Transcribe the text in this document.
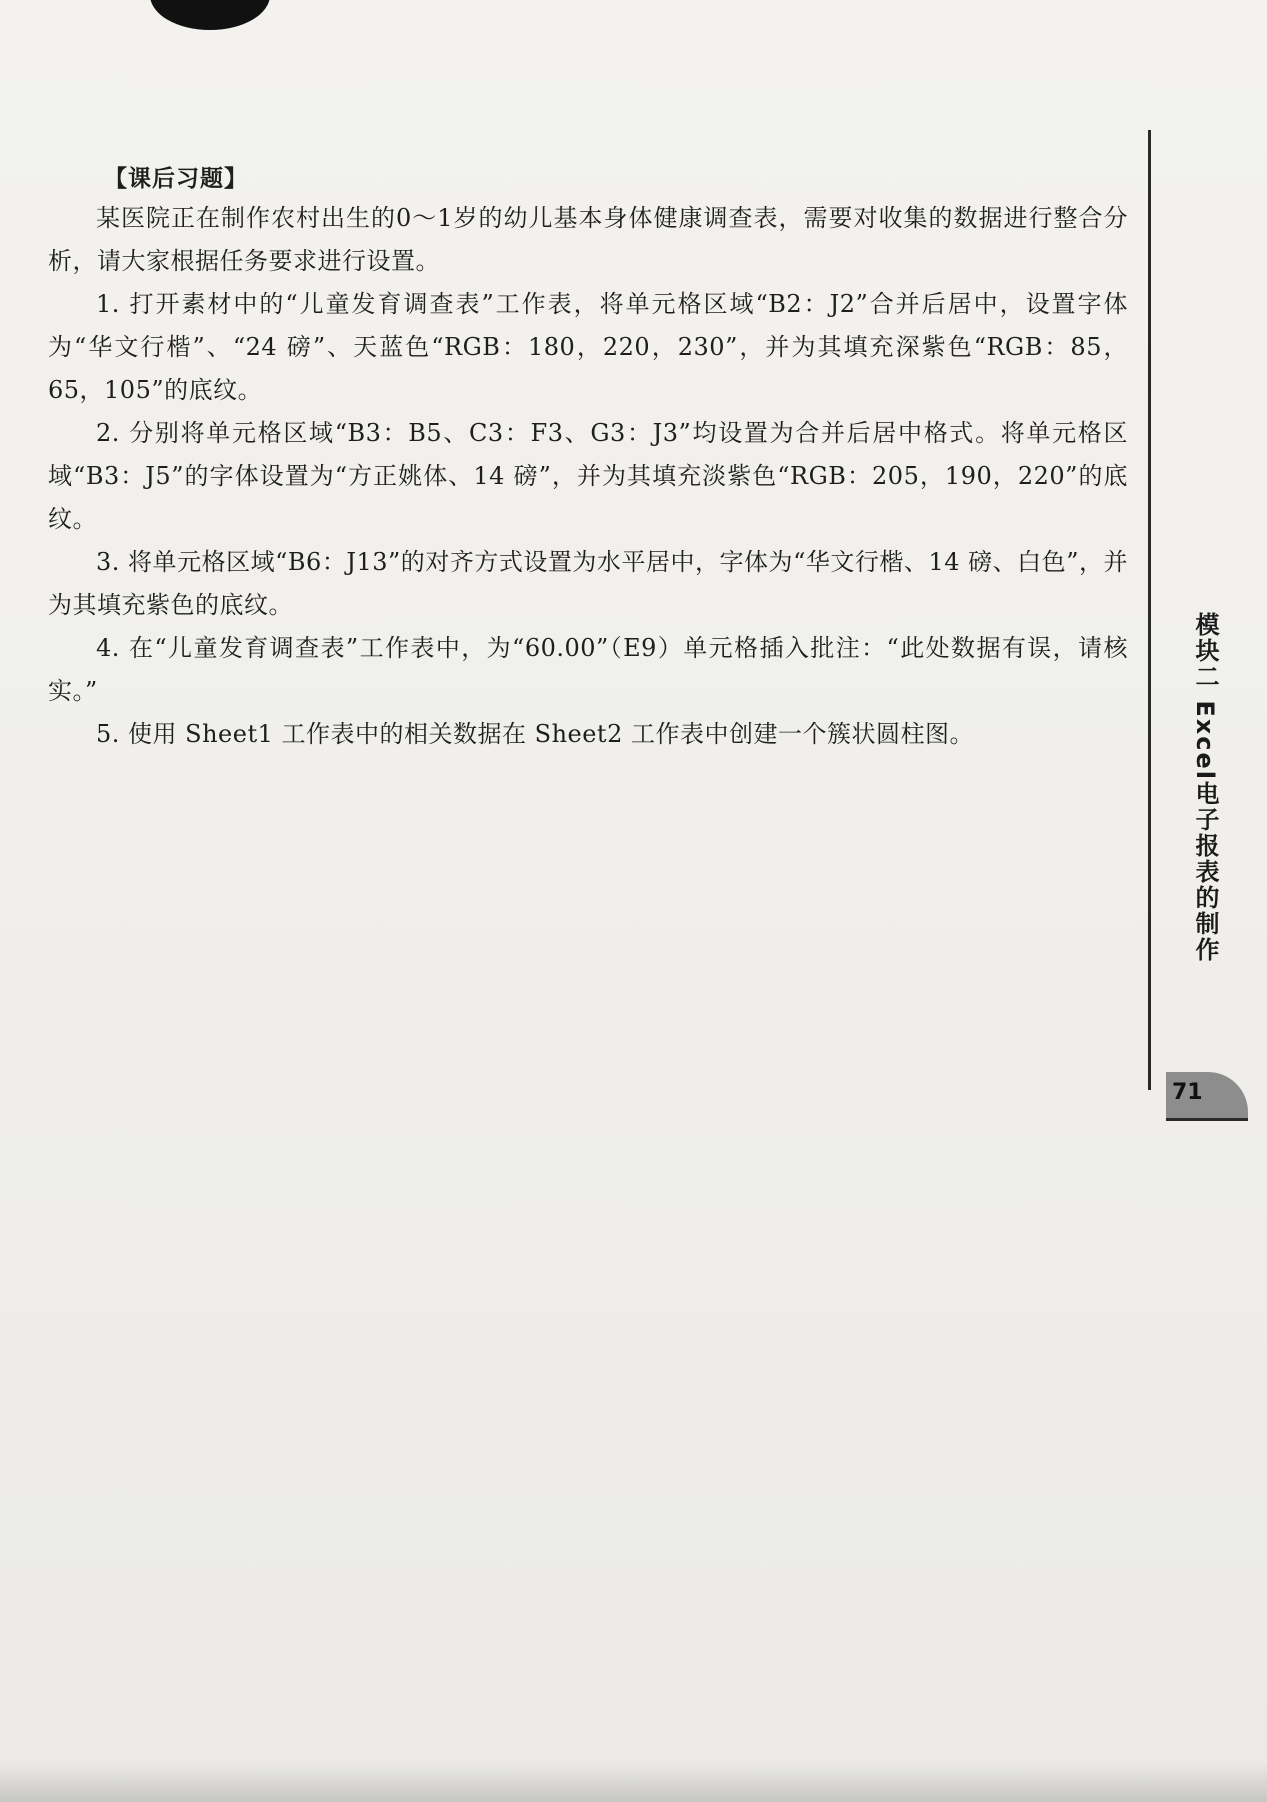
【课后习题】

某医院正在制作农村出生的0～1岁的幼儿基本身体健康调查表，需要对收集的数据进行整合分析，请大家根据任务要求进行设置。

1. 打开素材中的“儿童发育调查表”工作表，将单元格区域“B2：J2”合并后居中，设置字体为“华文行楷”、“24 磅”、天蓝色“RGB：180，220，230”，并为其填充深紫色“RGB：85，65，105”的底纹。

2. 分别将单元格区域“B3：B5、C3：F3、G3：J3”均设置为合并后居中格式。将单元格区域“B3：J5”的字体设置为“方正姚体、14 磅”，并为其填充淡紫色“RGB：205，190，220”的底纹。

3. 将单元格区域“B6：J13”的对齐方式设置为水平居中，字体为“华文行楷、14 磅、白色”，并为其填充紫色的底纹。

4. 在“儿童发育调查表”工作表中，为“60.00”（E9）单元格插入批注：“此处数据有误，请核实。”

5. 使用 Sheet1 工作表中的相关数据在 Sheet2 工作表中创建一个簇状圆柱图。	模块二 Excel电子报表的制作
71
